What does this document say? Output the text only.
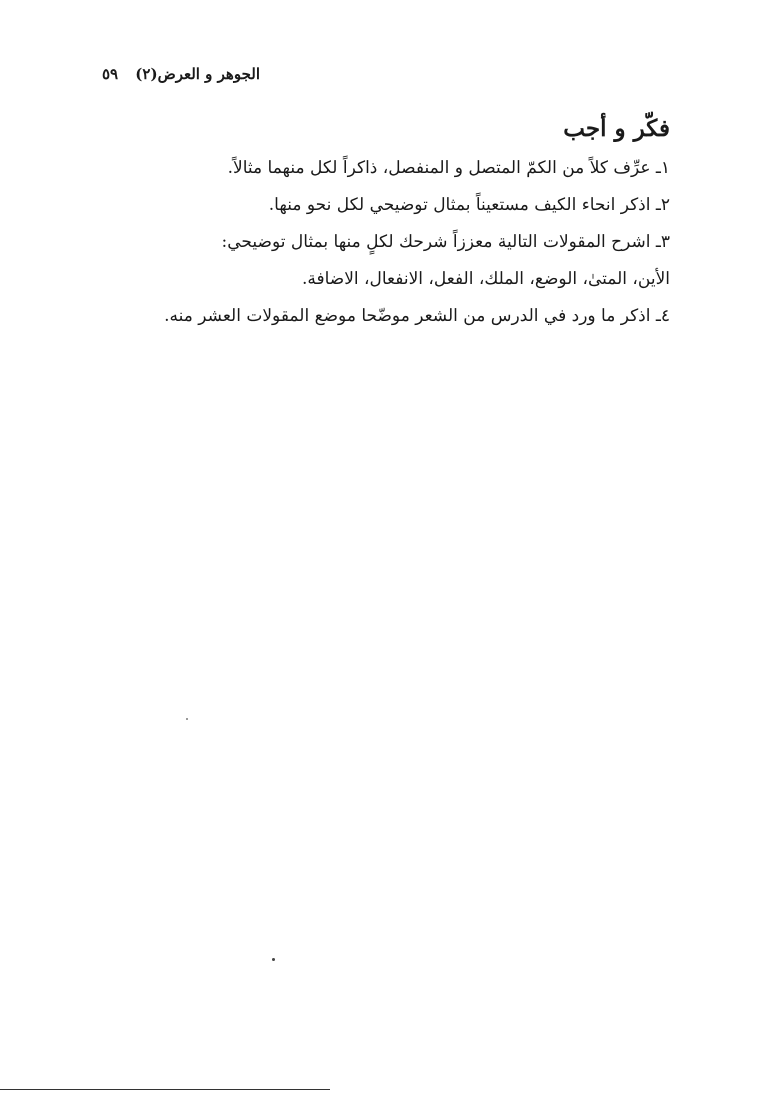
الجوهر و العرض(٢) ٥٩
فكّر و أجب
١ـ عرِّف كلاً من الكمّ المتصل و المنفصل، ذاكراً لكل منهما مثالاً.
٢ـ اذكر انحاء الكيف مستعيناً بمثال توضيحي لكل نحو منها.
٣ـ اشرح المقولات التالية معززاً شرحك لكلٍ منها بمثال توضيحي:
الأين، المتىٰ، الوضع، الملك، الفعل، الانفعال، الاضافة.
٤ـ اذكر ما ورد في الدرس من الشعر موضّحا موضع المقولات العشر منه.
